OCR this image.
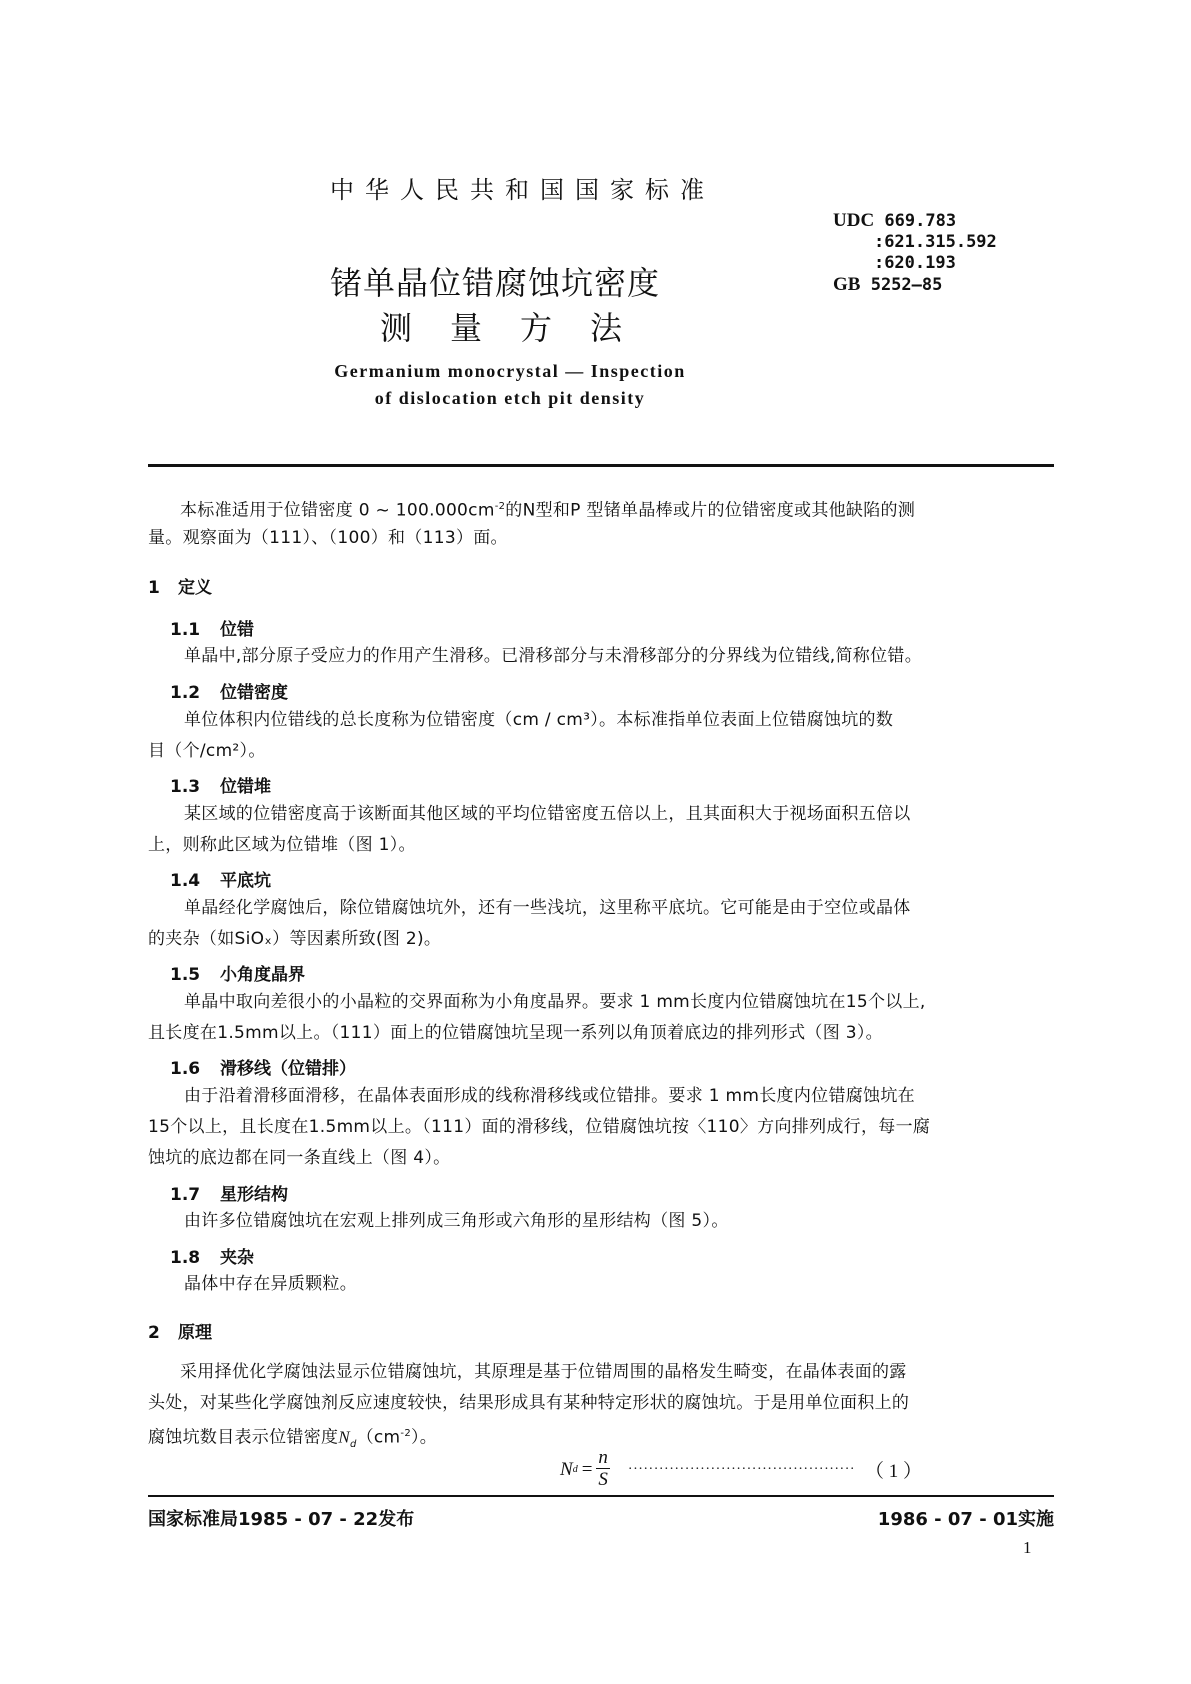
中华人民共和国国家标准
UDC 669.783
:621.315.592
:620.193
GB 5252—85
锗单晶位错腐蚀坑密度
测量方法
Germanium monocrystal — Inspection
of dislocation etch pit density
本标准适用于位错密度 0 ~ $100.000cm^{-2}$的N型和P 型锗单晶棒或片的位错密度或其他缺陷的测
量。观察面为（111）、（100）和（113）面。
1 定义
1.1 位错
单晶中,部分原子受应力的作用产生滑移。已滑移部分与未滑移部分的分界线为位错线,简称位错。
1.2 位错密度
单位体积内位错线的总长度称为位错密度（cm / cm³）。本标准指单位表面上位错腐蚀坑的数
目（个/cm²）。
1.3 位错堆
某区域的位错密度高于该断面其他区域的平均位错密度五倍以上，且其面积大于视场面积五倍以
上，则称此区域为位错堆（图 1）。
1.4 平底坑
单晶经化学腐蚀后，除位错腐蚀坑外，还有一些浅坑，这里称平底坑。它可能是由于空位或晶体
的夹杂（如SiOₓ）等因素所致(图 2)。
1.5 小角度晶界
单晶中取向差很小的小晶粒的交界面称为小角度晶界。要求 1 mm长度内位错腐蚀坑在15个以上,
且长度在1.5mm以上。（111）面上的位错腐蚀坑呈现一系列以角顶着底边的排列形式（图 3）。
1.6 滑移线（位错排）
由于沿着滑移面滑移，在晶体表面形成的线称滑移线或位错排。要求 1 mm长度内位错腐蚀坑在
15个以上，且长度在1.5mm以上。（111）面的滑移线，位错腐蚀坑按〈110〉方向排列成行，每一腐
蚀坑的底边都在同一条直线上（图 4）。
1.7 星形结构
由许多位错腐蚀坑在宏观上排列成三角形或六角形的星形结构（图 5）。
1.8 夹杂
晶体中存在异质颗粒。
2 原理
采用择优化学腐蚀法显示位错腐蚀坑，其原理是基于位错周围的晶格发生畸变，在晶体表面的露
头处，对某些化学腐蚀剂反应速度较快，结果形成具有某种特定形状的腐蚀坑。于是用单位面积上的
腐蚀坑数目表示位错密度$N_d(cm^{-2})$。
N $d = \frac{n}{S}$ ············································ （ 1 ）
国家标准局1985 - 07 - 22发布	1986 - 07 - 01实施
1
